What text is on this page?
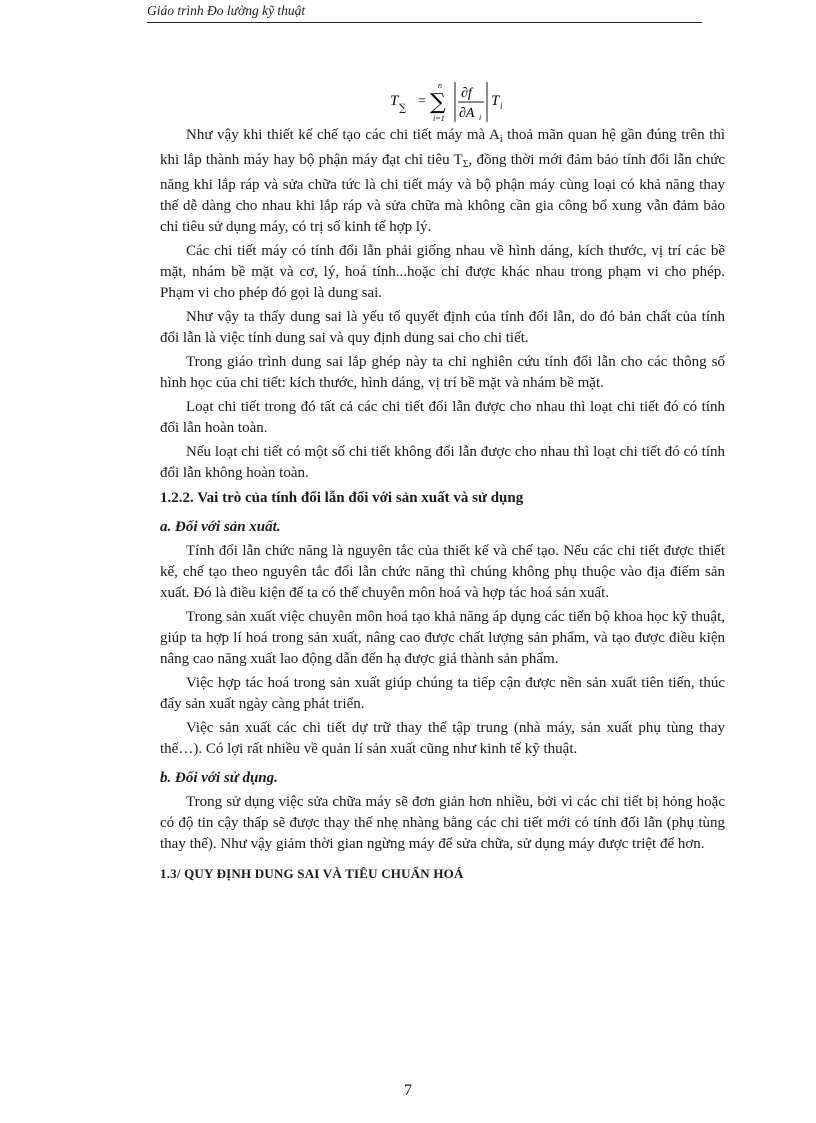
Giáo trình Đo lường kỹ thuật
T ∑ =
n
∑
i=1
∂f
∂A i
T i

Như vậy khi thiết kế chế tạo các chi tiết máy mà $A_i$ thoả mãn quan hệ gần đúng trên thì khi lắp thành máy hay bộ phận máy đạt chỉ tiêu $T_\Sigma$, đồng thời mới đảm bảo tính đổi lẫn chức năng khi lắp ráp và sửa chữa tức là chi tiết máy và bộ phận máy cùng loại có khả năng thay thế dễ dàng cho nhau khi lắp ráp và sửa chữa mà không cần gia công bổ xung vẫn đảm bảo chỉ tiêu sử dụng máy, có trị số kinh tế hợp lý.

Các chi tiết máy có tính đổi lẫn phải giống nhau về hình dáng, kích thước, vị trí các bề mặt, nhám bề mặt và cơ, lý, hoá tính...hoặc chỉ được khác nhau trong phạm vi cho phép. Phạm vi cho phép đó gọi là dung sai.

Như vậy ta thấy dung sai là yếu tố quyết định của tính đổi lẫn, do đó bản chất của tính đổi lẫn là việc tính dung sai và quy định dung sai cho chi tiết.

Trong giáo trình dung sai lắp ghép này ta chỉ nghiên cứu tính đổi lẫn cho các thông số hình học của chi tiết: kích thước, hình dáng, vị trí bề mặt và nhám bề mặt.

Loạt chi tiết trong đó tất cả các chi tiết đổi lẫn được cho nhau thì loạt chi tiết đó có tính đổi lẫn hoàn toàn.

Nếu loạt chi tiết có một số chi tiết không đổi lẫn được cho nhau thì loạt chi tiết đó có tính đổi lẫn không hoàn toàn.

1.2.2. Vai trò của tính đổi lẫn đối với sản xuất và sử dụng
a. Đối với sản xuất.

Tính đổi lẫn chức năng là nguyên tắc của thiết kế và chế tạo. Nếu các chi tiết được thiết kế, chế tạo theo nguyên tắc đổi lẫn chức năng thì chúng không phụ thuộc vào địa điểm sản xuất. Đó là điều kiện để ta có thể chuyên môn hoá và hợp tác hoá sản xuất.

Trong sản xuất việc chuyên môn hoá tạo khả năng áp dụng các tiến bộ khoa học kỹ thuật, giúp ta hợp lí hoá trong sản xuất, nâng cao được chất lượng sản phẩm, và tạo được điều kiện nâng cao năng xuất lao động dẫn đến hạ được giá thành sản phẩm.

Việc hợp tác hoá trong sản xuất giúp chúng ta tiếp cận được nền sản xuất tiên tiến, thúc đẩy sản xuất ngày càng phát triển.

Việc sản xuất các chi tiết dự trữ thay thế tập trung (nhà máy, sản xuất phụ tùng thay thế…). Có lợi rất nhiều về quản lí sản xuất cũng như kinh tế kỹ thuật.

b. Đối với sử dụng.

Trong sử dụng việc sửa chữa máy sẽ đơn giản hơn nhiều, bởi vì các chi tiết bị hỏng hoặc có độ tin cậy thấp sẽ được thay thế nhẹ nhàng bằng các chi tiết mới có tính đổi lẫn (phụ tùng thay thế). Như vậy giảm thời gian ngừng máy để sửa chữa, sử dụng máy được triệt để hơn.

1.3/ QUY ĐỊNH DUNG SAI VÀ TIÊU CHUẨN HOÁ
7
